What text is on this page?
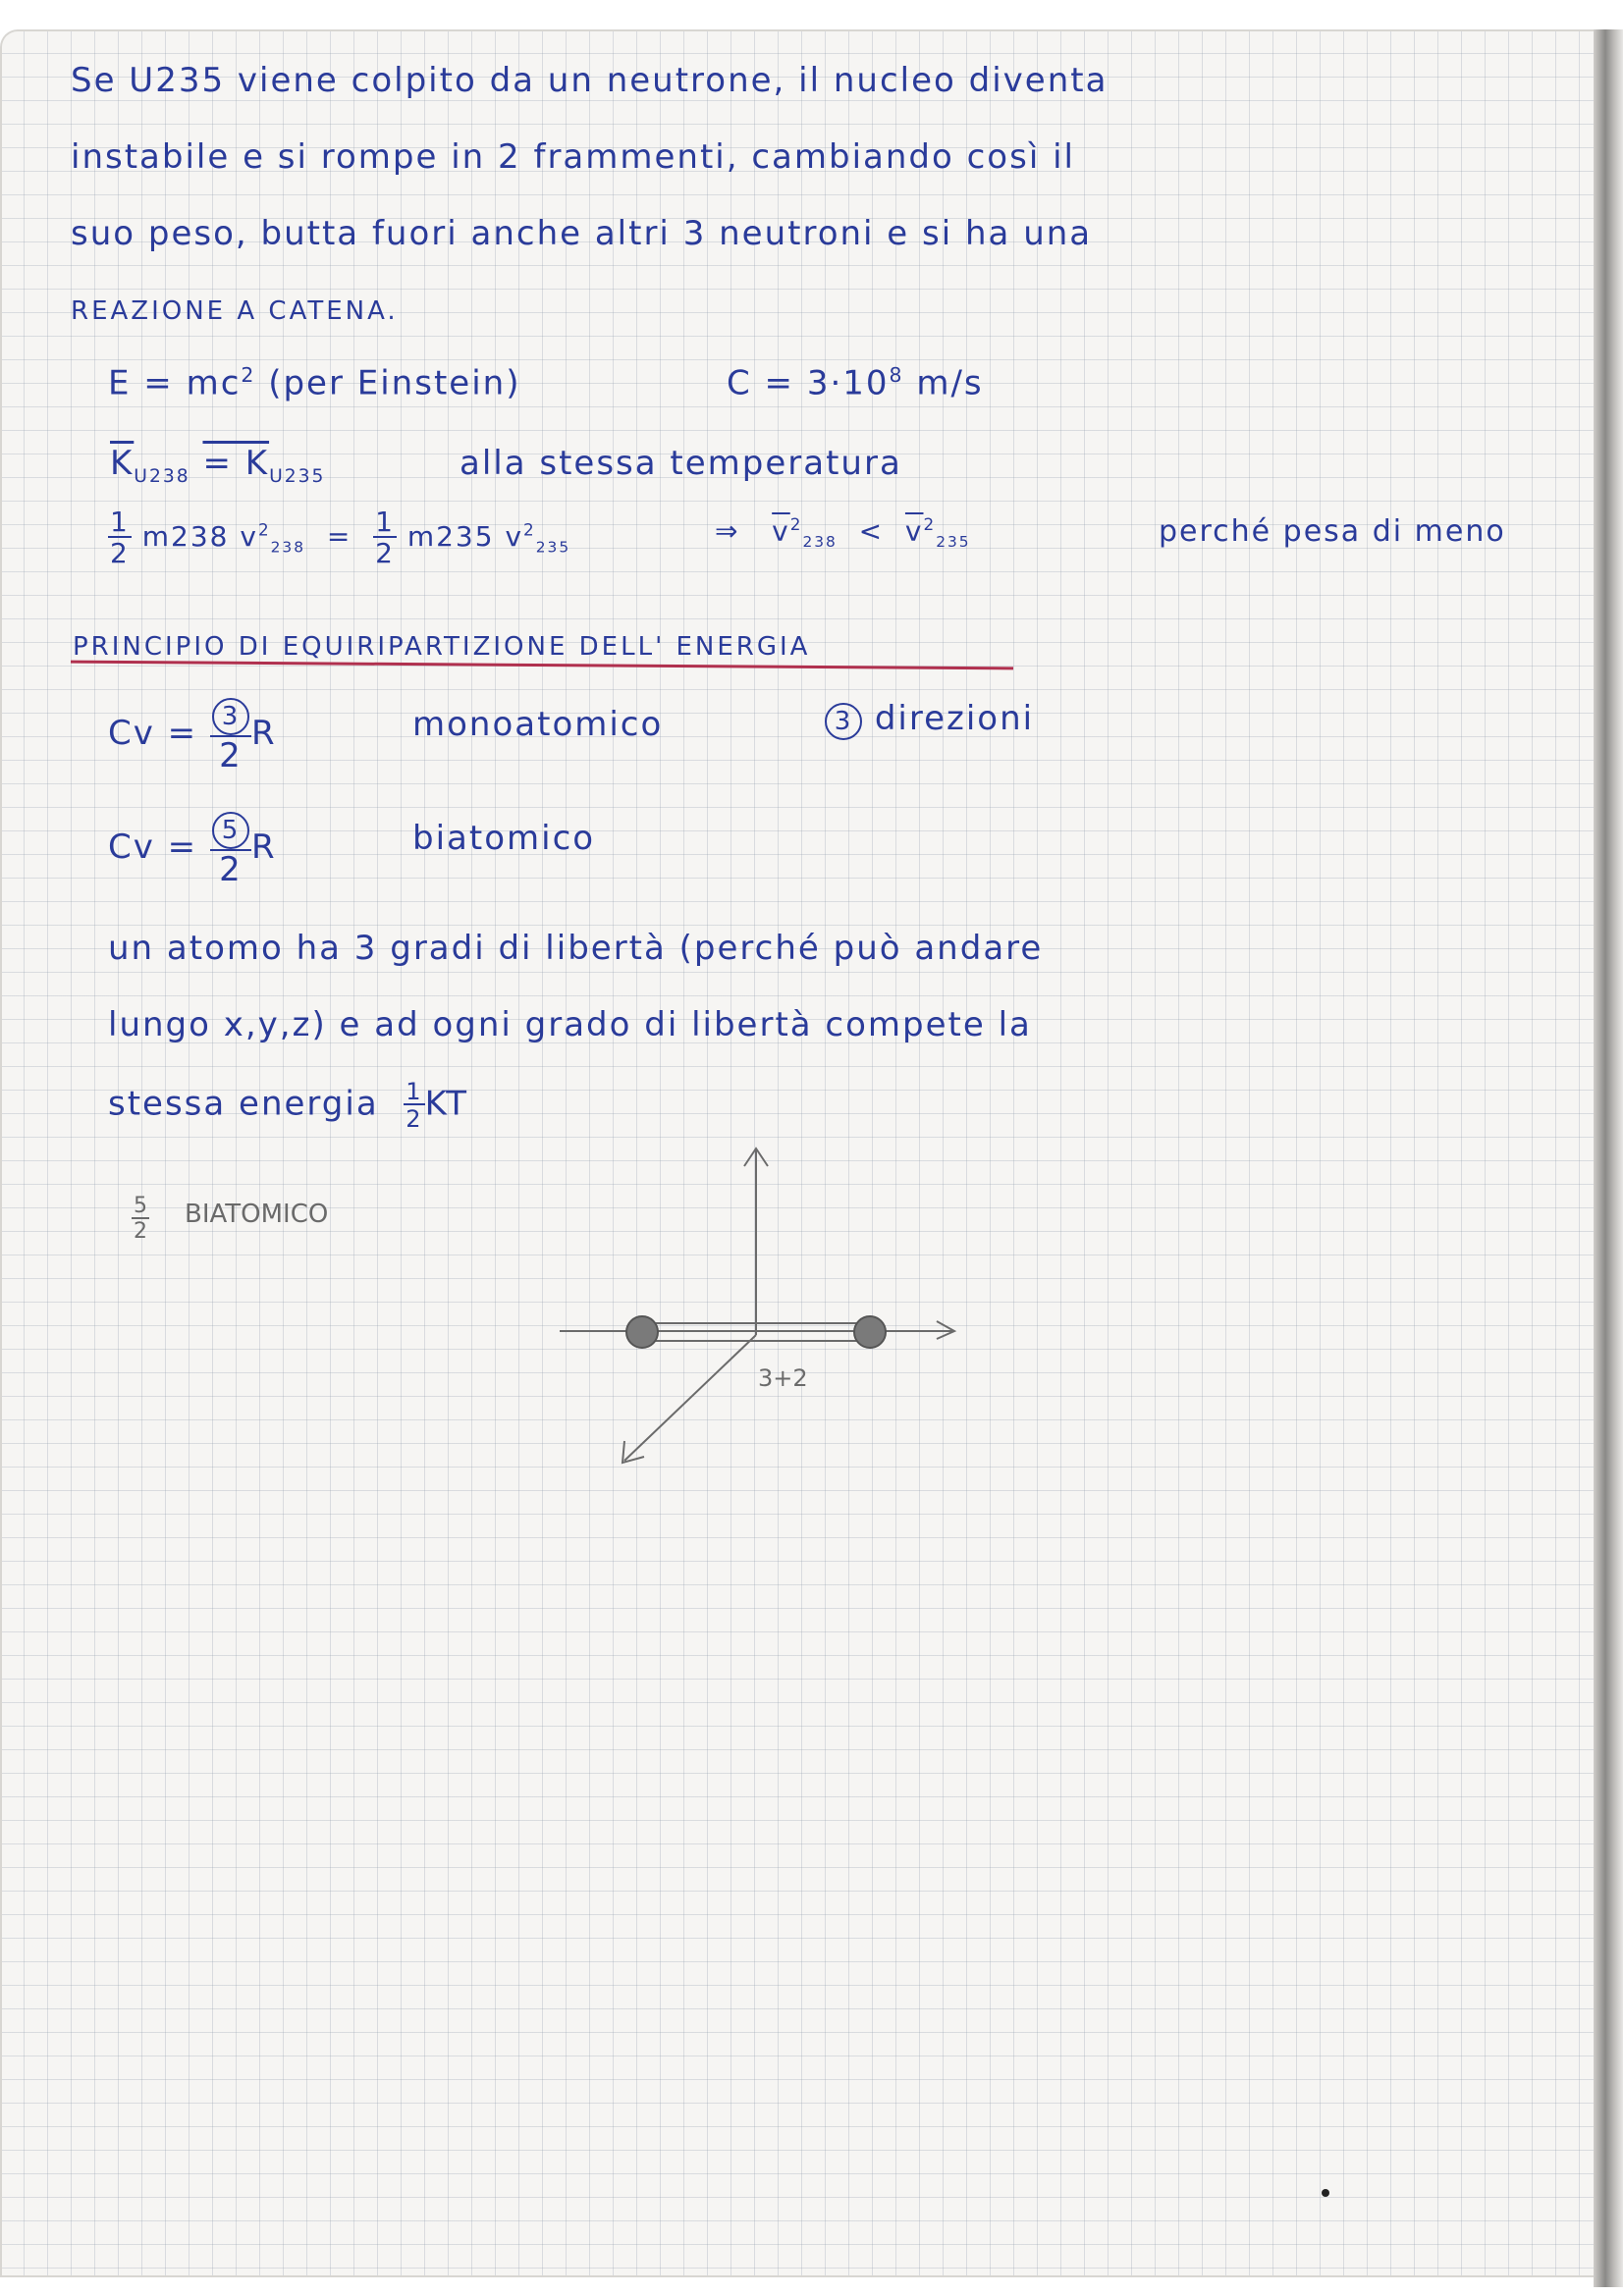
Se U235 viene colpito da un neutrone, il nucleo diventa
instabile e si rompe in 2 frammenti, cambiando così il
suo peso, butta fuori anche altri 3 neutroni e si ha una
REAZIONE A CATENA.
$E = mc^2$ (per Einstein)	$C = 3\cdot 10^8$ m/s
$\overline{K}_{U238} = K_{U235}$	alla stessa temperatura
$\frac{1}{2} m238$ $v^2_{238} = \frac{1}{2} m235$ $v^2_{235}$
⇒ $\overline{v}^2_{238} < \overline{v}^2_{235}$	perché pesa di meno
PRINCIPIO DI EQUIRIPARTIZIONE DELL' ENERGIA
$Cv = \frac{3}{2}$ R	monoatomico	3 direzioni
$Cv = \frac{5}{2}$ R	biatomico
un atomo ha 3 gradi di libertà (perché può andare
lungo x,y,z) e ad ogni grado di libertà compete la
stessa energia $\frac{1}{2}$ KT
$\frac{5}{2}$ BIATOMICO
3+2
